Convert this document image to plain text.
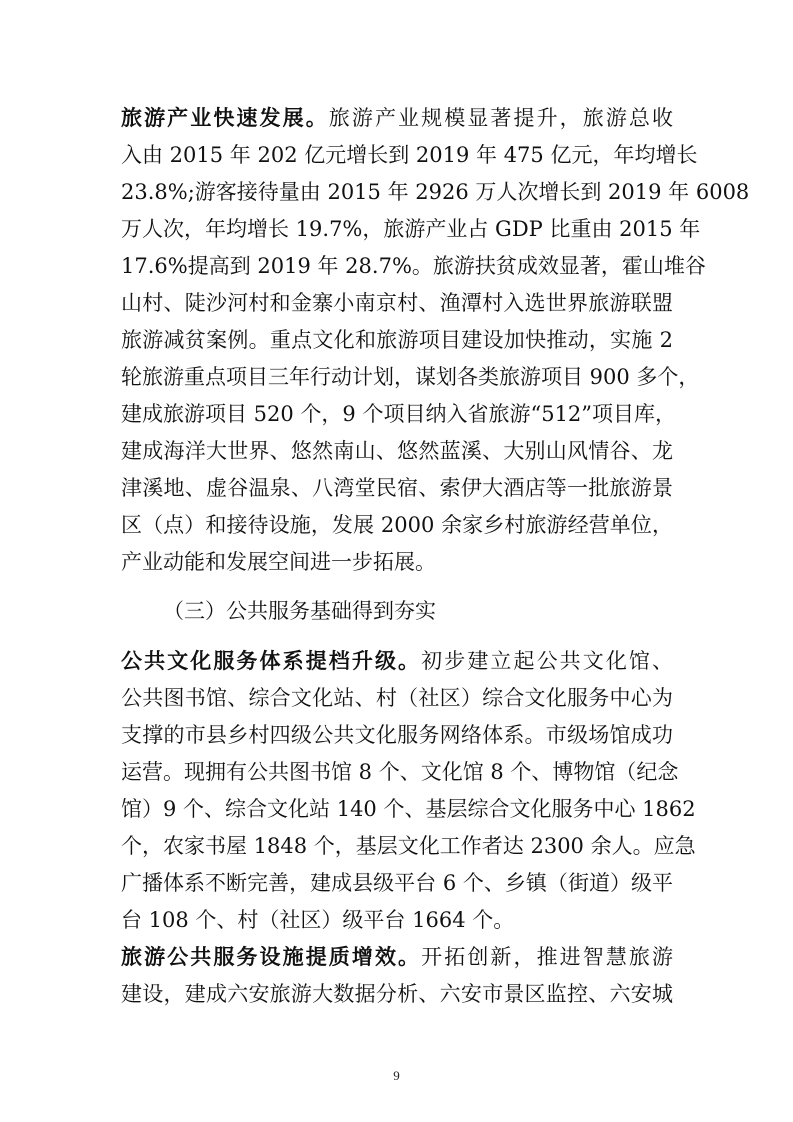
旅游产业快速发展。旅游产业规模显著提升，旅游总收
入由 2015 年 202 亿元增长到 2019 年 475 亿元，年均增长
23.8%;游客接待量由 2015 年 2926 万人次增长到 2019 年 6008
万人次，年均增长 19.7%，旅游产业占 GDP 比重由 2015 年
17.6%提高到 2019 年 28.7%。旅游扶贫成效显著，霍山堆谷
山村、陡沙河村和金寨小南京村、渔潭村入选世界旅游联盟
旅游减贫案例。重点文化和旅游项目建设加快推动，实施 2
轮旅游重点项目三年行动计划，谋划各类旅游项目 900 多个，
建成旅游项目 520 个，9 个项目纳入省旅游“512”项目库，
建成海洋大世界、悠然南山、悠然蓝溪、大别山风情谷、龙
津溪地、虚谷温泉、八湾堂民宿、索伊大酒店等一批旅游景
区（点）和接待设施，发展 2000 余家乡村旅游经营单位，
产业动能和发展空间进一步拓展。
（三）公共服务基础得到夯实
公共文化服务体系提档升级。初步建立起公共文化馆、
公共图书馆、综合文化站、村（社区）综合文化服务中心为
支撑的市县乡村四级公共文化服务网络体系。市级场馆成功
运营。现拥有公共图书馆 8 个、文化馆 8 个、博物馆（纪念
馆）9 个、综合文化站 140 个、基层综合文化服务中心 1862
个，农家书屋 1848 个，基层文化工作者达 2300 余人。应急
广播体系不断完善，建成县级平台 6 个、乡镇（街道）级平
台 108 个、村（社区）级平台 1664 个。
旅游公共服务设施提质增效。开拓创新，推进智慧旅游
建设，建成六安旅游大数据分析、六安市景区监控、六安城
9
